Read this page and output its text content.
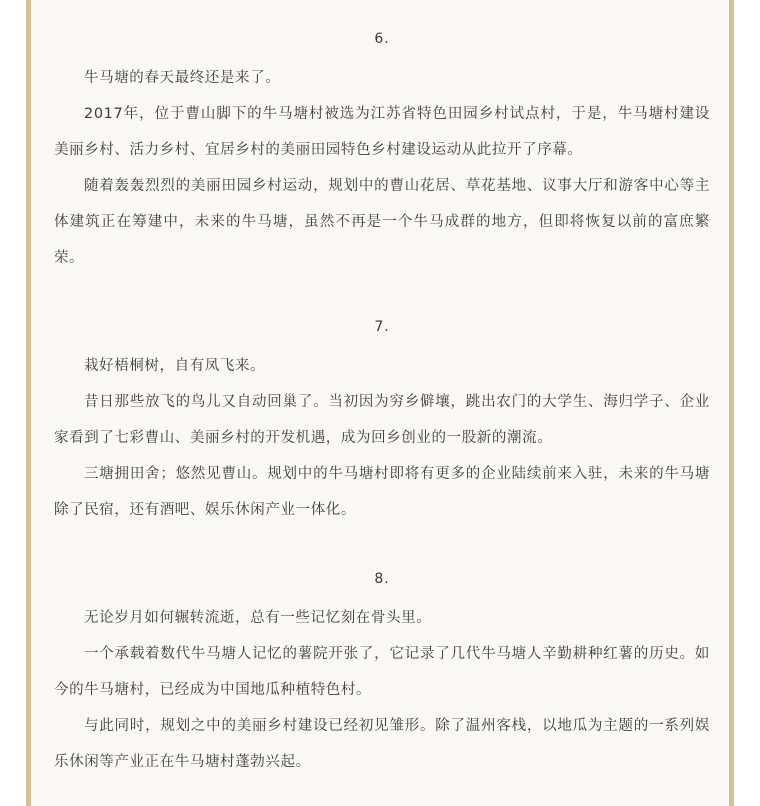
6.

牛马塘的春天最终还是来了。

2017年，位于曹山脚下的牛马塘村被选为江苏省特色田园乡村试点村，于是，牛马塘村建设美丽乡村、活力乡村、宜居乡村的美丽田园特色乡村建设运动从此拉开了序幕。

随着轰轰烈烈的美丽田园乡村运动，规划中的曹山花居、草花基地、议事大厅和游客中心等主体建筑正在筹建中，未来的牛马塘，虽然不再是一个牛马成群的地方，但即将恢复以前的富庶繁荣。

7.

栽好梧桐树，自有凤飞来。

昔日那些放飞的鸟儿又自动回巢了。当初因为穷乡僻壤，跳出农门的大学生、海归学子、企业家看到了七彩曹山、美丽乡村的开发机遇，成为回乡创业的一股新的潮流。

三塘拥田舍；悠然见曹山。规划中的牛马塘村即将有更多的企业陆续前来入驻，未来的牛马塘除了民宿，还有酒吧、娱乐休闲产业一体化。

8.

无论岁月如何辗转流逝，总有一些记忆刻在骨头里。

一个承载着数代牛马塘人记忆的薯院开张了，它记录了几代牛马塘人辛勤耕种红薯的历史。如今的牛马塘村，已经成为中国地瓜种植特色村。

与此同时，规划之中的美丽乡村建设已经初见雏形。除了温州客栈，以地瓜为主题的一系列娱乐休闲等产业正在牛马塘村蓬勃兴起。
